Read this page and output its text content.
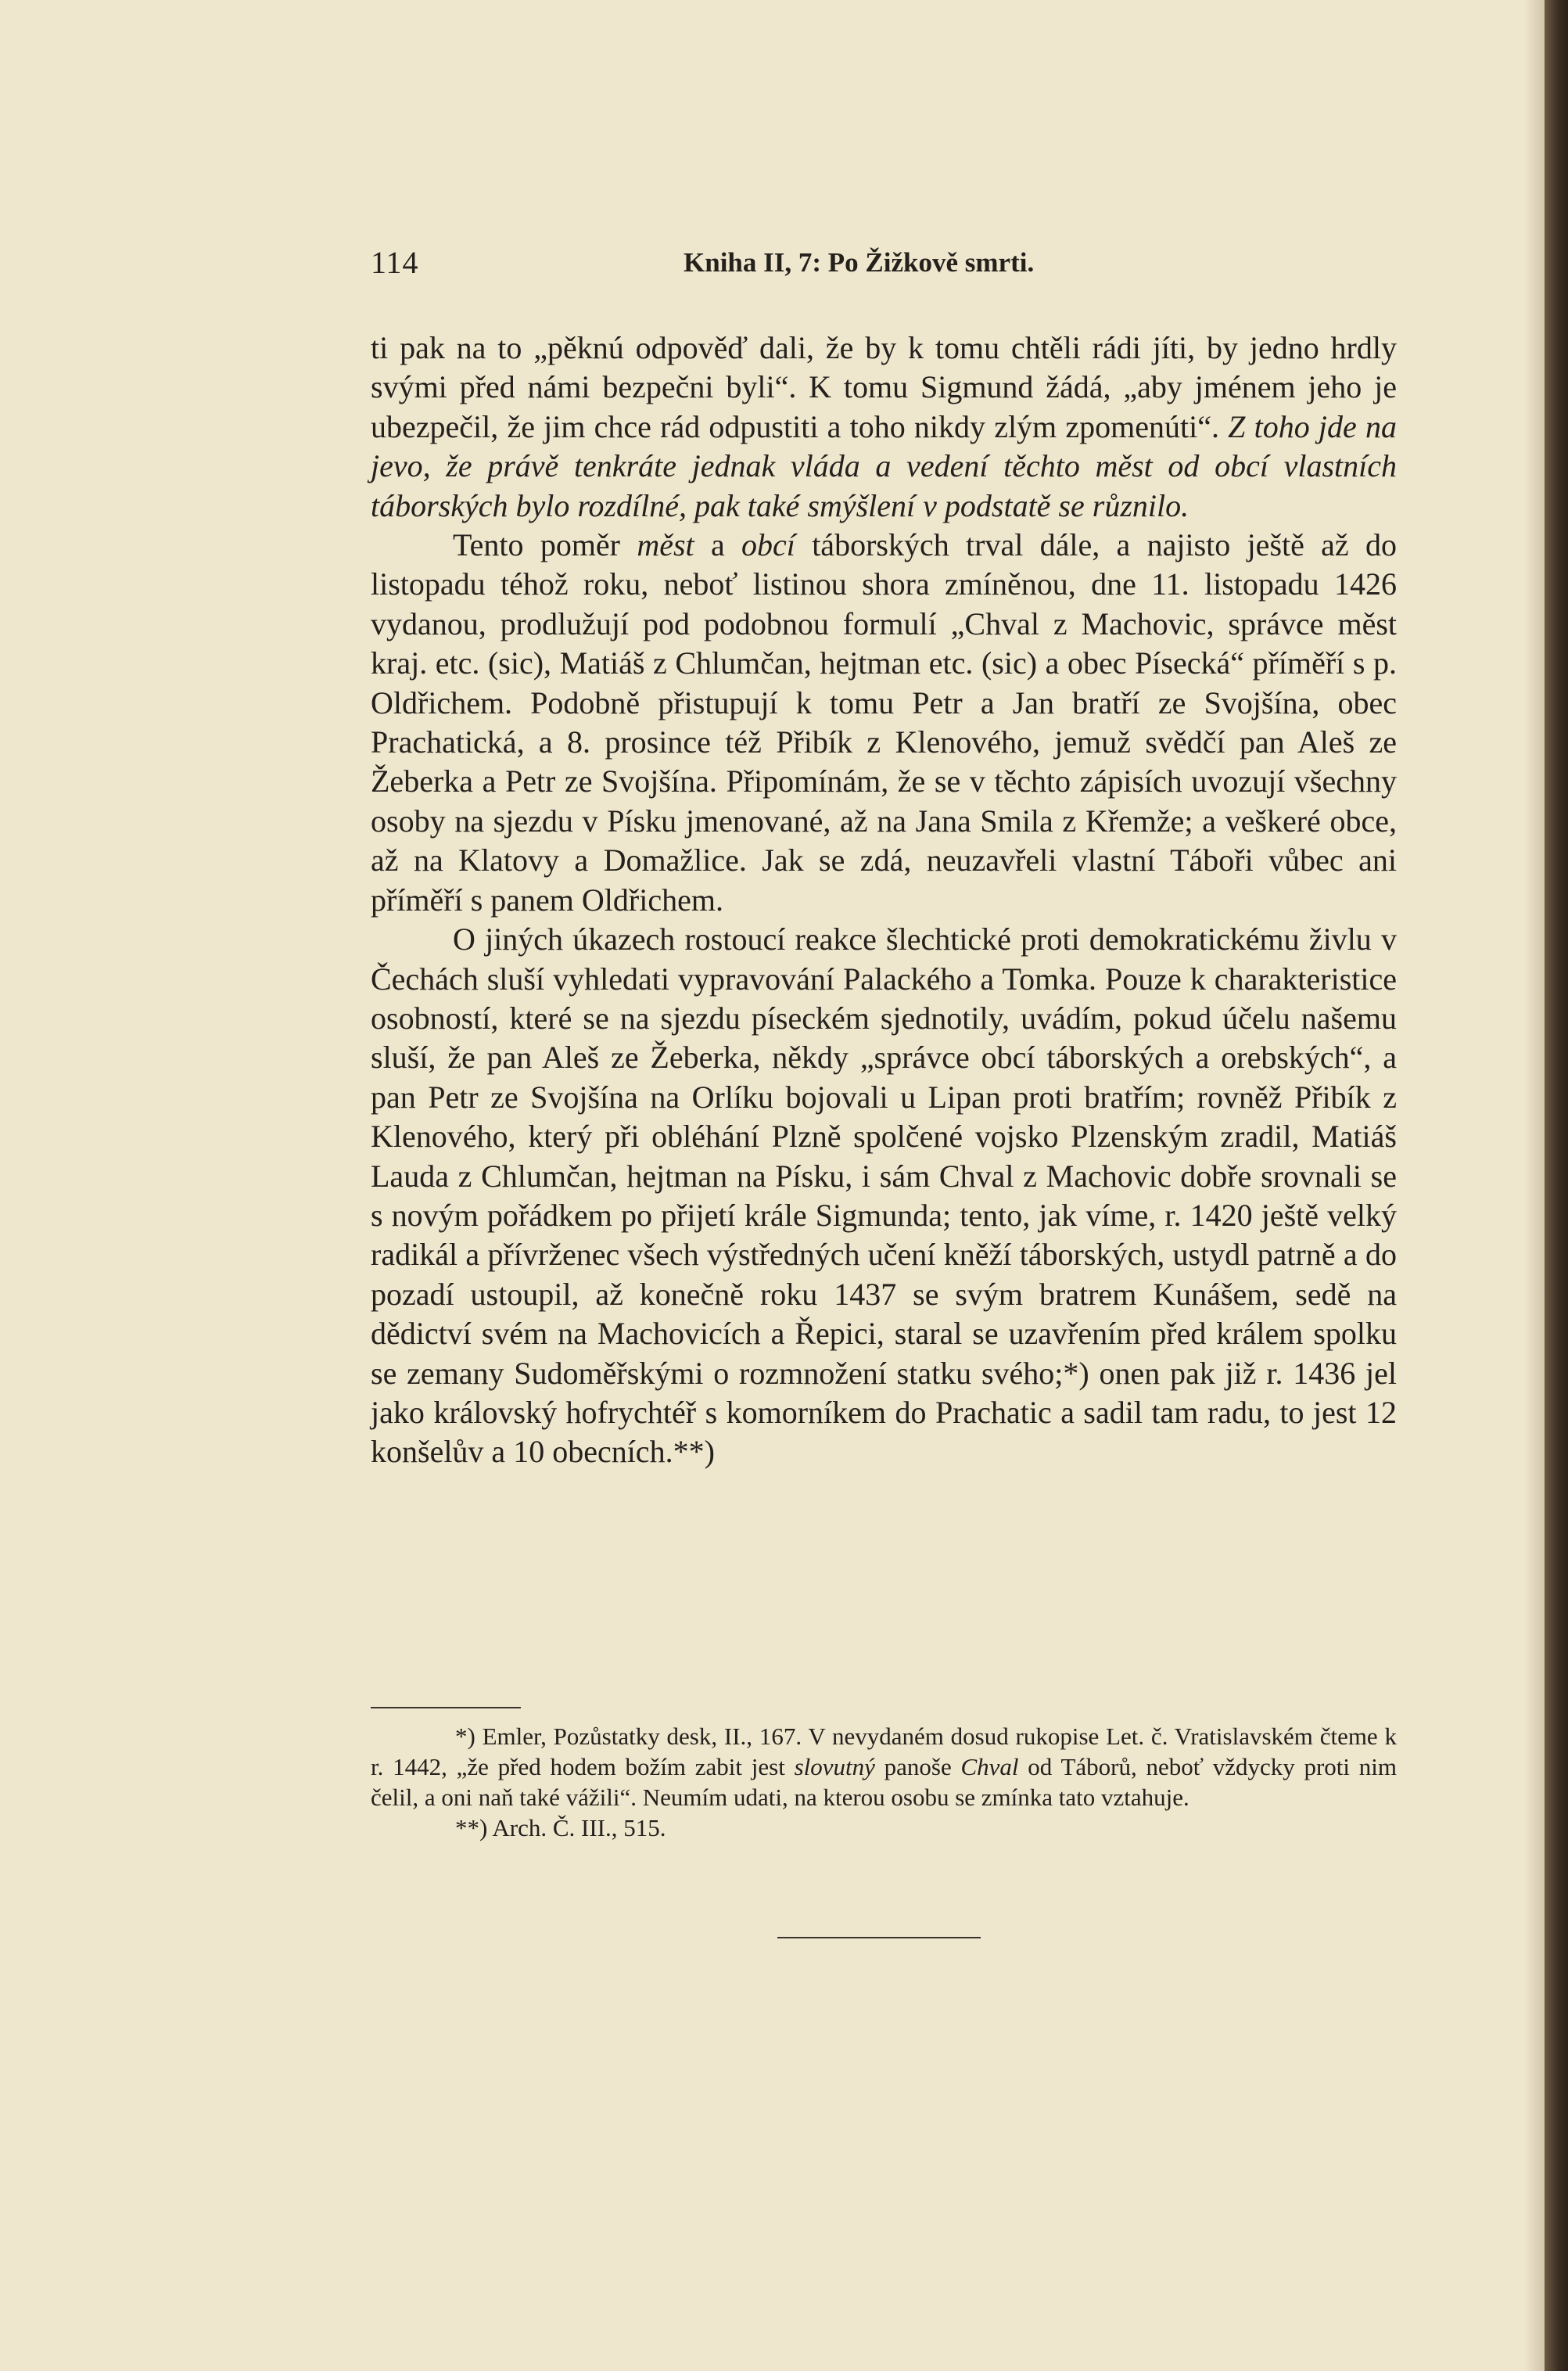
114	Kniha II, 7: Po Žižkově smrti.

ti pak na to „pěknú odpověď dali, že by k tomu chtěli rádi jíti, by jedno hrdly svými před námi bezpečni byli“. K tomu Sigmund žádá, „aby jménem jeho je ubezpečil, že jim chce rád odpustiti a toho nikdy zlým zpomenúti“. Z toho jde na jevo, že právě tenkráte jednak vláda a vedení těchto měst od obcí vlastních táborských bylo rozdílné, pak také smýšlení v podstatě se různilo.

Tento poměr měst a obcí táborských trval dále, a najisto ještě až do listopadu téhož roku, neboť listinou shora zmíněnou, dne 11. listopadu 1426 vydanou, prodlužují pod podobnou formulí „Chval z Machovic, správce měst kraj. etc. (sic), Matiáš z Chlumčan, hejtman etc. (sic) a obec Písecká“ příměří s p. Oldřichem. Podobně přistupují k tomu Petr a Jan bratří ze Svojšína, obec Prachatická, a 8. prosince též Přibík z Klenového, jemuž svědčí pan Aleš ze Žeberka a Petr ze Svojšína. Připomínám, že se v těchto zápisích uvozují všechny osoby na sjezdu v Písku jmenované, až na Jana Smila z Křemže; a veškeré obce, až na Klatovy a Domažlice. Jak se zdá, neuzavřeli vlastní Tábořі vůbec ani příměří s panem Oldřichem.

O jiných úkazech rostoucí reakce šlechtické proti demokratickému živlu v Čechách sluší vyhledati vypravování Palackého a Tomka. Pouze k charakteristice osobností, které se na sjezdu píseckém sjednotily, uvádím, pokud účelu našemu sluší, že pan Aleš ze Žeberka, někdy „správce obcí táborských a orebských“, a pan Petr ze Svojšína na Orlíku bojovali u Lipan proti bratřím; rovněž Přibík z Klenového, který při obléhání Plzně spolčené vojsko Plzenským zradil, Matiáš Lauda z Chlumčan, hejtman na Písku, i sám Chval z Machovic dobře srovnali se s novým pořádkem po přijetí krále Sigmunda; tento, jak víme, r. 1420 ještě velký radikál a přívrženec všech výstředných učení kněží táborských, ustydl patrně a do pozadí ustoupil, až konečně roku 1437 se svým bratrem Kunášem, sedě na dědictví svém na Machovicích a Řepici, staral se uzavřením před králem spolku se zemany Sudoměřskými o rozmnožení statku svého;*) onen pak již r. 1436 jel jako královský hofrychtéř s komorníkem do Prachatic a sadil tam radu, to jest 12 konšelův a 10 obecních.**)

*) Emler, Pozůstatky desk, II., 167. V nevydaném dosud rukopise Let. č. Vratislavském čteme k r. 1442, „že před hodem božím zabit jest slovutný panoše Chval od Táborů, neboť vždycky proti nim čelil, a oni naň také vážili“. Neumím udati, na kterou osobu se zmínka tato vztahuje.

**) Arch. Č. III., 515.
